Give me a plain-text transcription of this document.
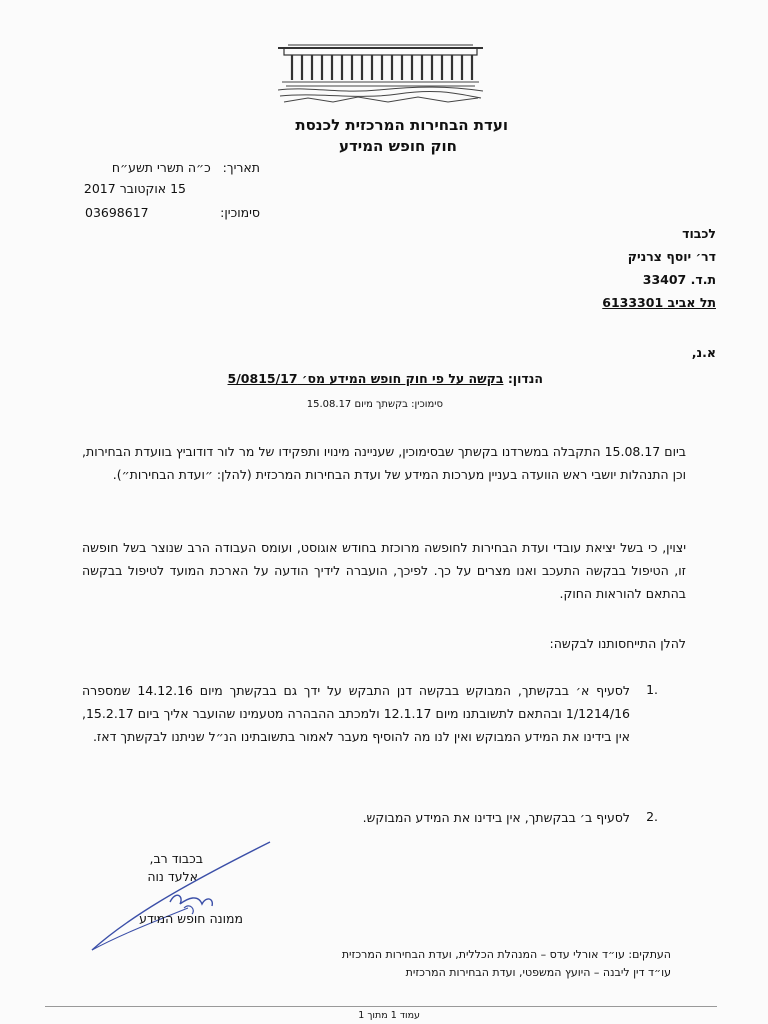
ועדת הבחירות המרכזית לכנסת
חוק חופש המידע
תאריך:   כ״ה תשרי תשע״ח
15 אוקטובר 2017
03698617	סימוכין:
לכבוד
דר׳ יוסף צרניק
ת.ד. 33407
תל אביב 6133301
א.נ,
הנדון: בקשה על פי חוק חופש המידע מס׳ 5/0815/17
סימוכין: בקשתך מיום 15.08.17
ביום 15.08.17 התקבלה במשרדנו בקשתך שבסימוכין, שעניינה מינויו ותפקידו של מר לור דודוביץ בוועדת הבחירות, וכן התנהלות יושבי ראש הוועדה בעניין מערכות המידע של ועדת הבחירות המרכזית (להלן: ״ועדת הבחירות״).
יצוין, כי בשל יציאת עובדי ועדת הבחירות לחופשה מרוכזת בחודש אוגוסט, ועומס העבודה הרב שנוצר בשל חופשה זו, הטיפול בבקשה התעכב ואנו מצרים על כך. לפיכך, הועברה לידיך הודעה על הארכת המועד לטיפול בבקשה בהתאם להוראות החוק.
להלן התייחסותנו לבקשה:
1.
לסעיף א׳ בבקשתך, המבוקש בבקשה דנן התבקש על ידך גם בבקשתך מיום 14.12.16 שמספרה 1/1214/16 ובהתאם לתשובתנו מיום 12.1.17 ולמכתב ההבהרה מטעמינו שהועבר אליך ביום 15.2.17, אין בידינו את המידע המבוקש ואין לנו מה להוסיף מעבר לאמור בתשובתינו הנ״ל שניתנו לבקשתך דאז.
2.
לסעיף ב׳ בבקשתך, אין בידינו את המידע המבוקש.
בכבוד רב,
אלעד נוה
ממונה חופש המידע
העתקים: עו״ד אורלי עדס – המנהלת הכללית, ועדת הבחירות המרכזית
עו״ד דין ליבנה – היועץ המשפטי, ועדת הבחירות המרכזית
עמוד 1 מתוך 1
